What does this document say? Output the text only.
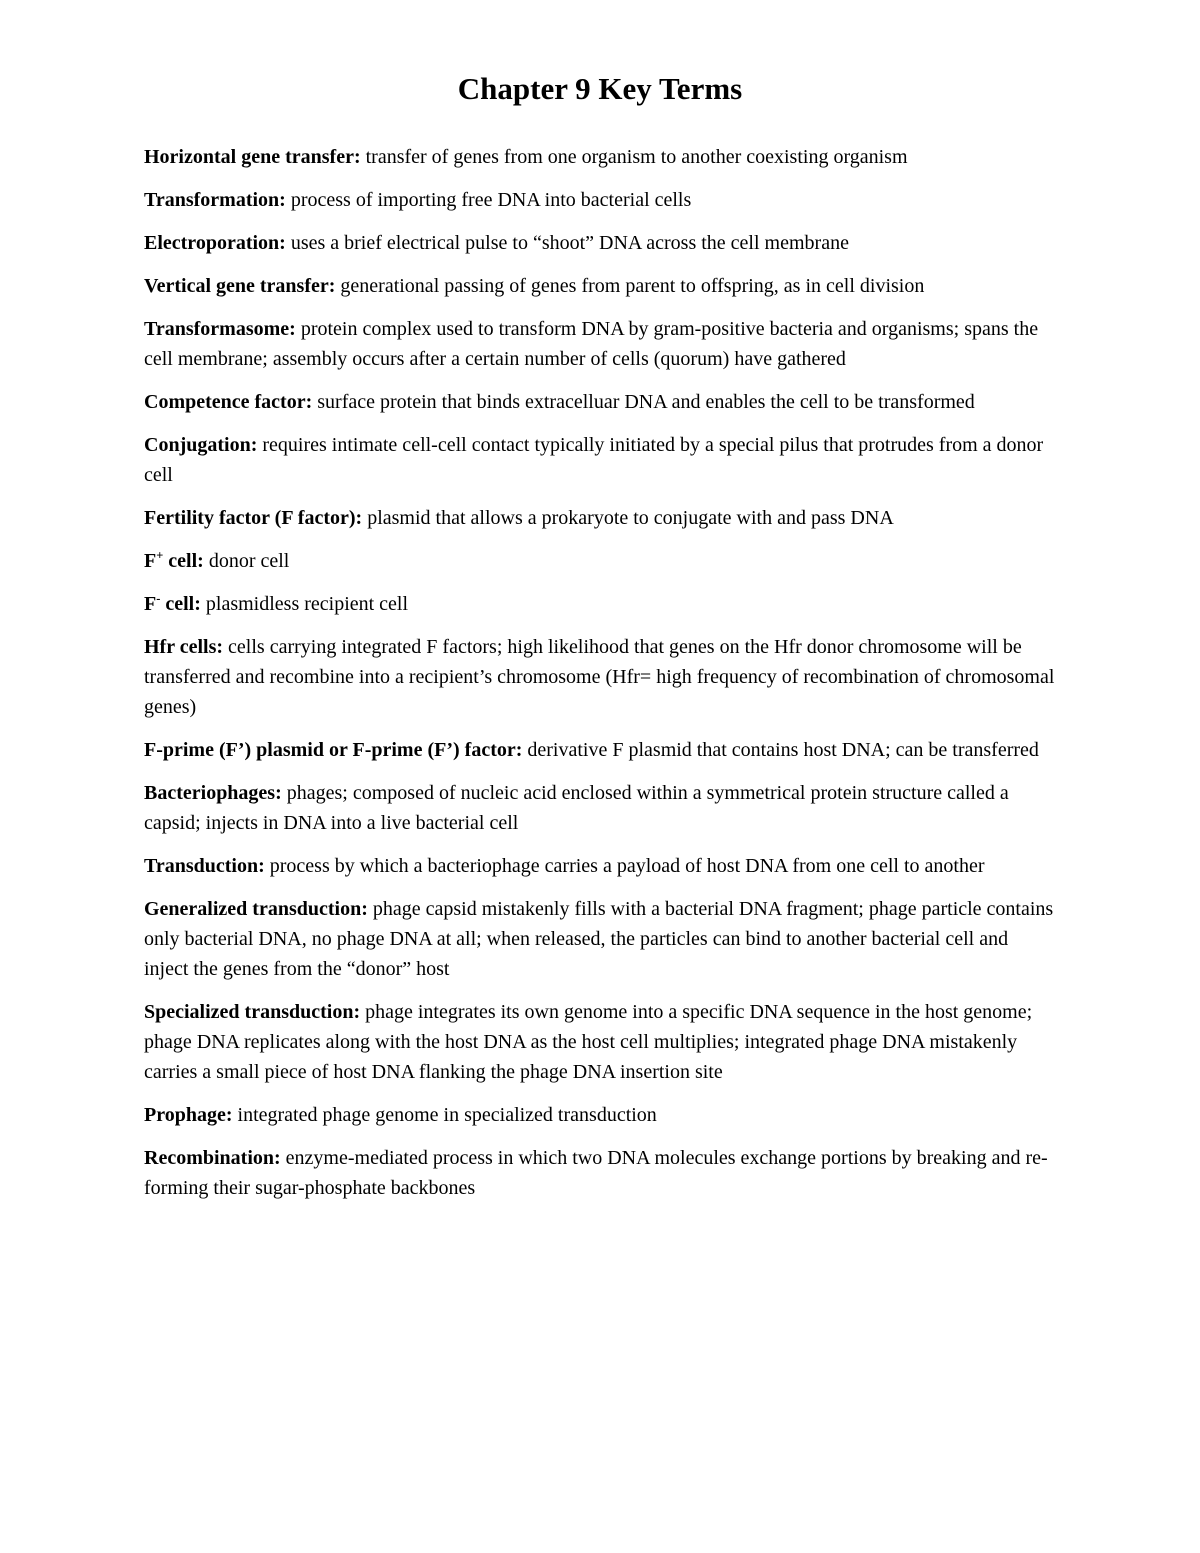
Chapter 9 Key Terms

Horizontal gene transfer: transfer of genes from one organism to another coexisting organism

Transformation: process of importing free DNA into bacterial cells

Electroporation: uses a brief electrical pulse to “shoot” DNA across the cell membrane

Vertical gene transfer: generational passing of genes from parent to offspring, as in cell division

Transformasome: protein complex used to transform DNA by gram-positive bacteria and organisms; spans the cell membrane; assembly occurs after a certain number of cells (quorum) have gathered

Competence factor: surface protein that binds extracelluar DNA and enables the cell to be transformed

Conjugation: requires intimate cell-cell contact typically initiated by a special pilus that protrudes from a donor cell

Fertility factor (F factor): plasmid that allows a prokaryote to conjugate with and pass DNA

F+ cell: donor cell

F- cell: plasmidless recipient cell

Hfr cells: cells carrying integrated F factors; high likelihood that genes on the Hfr donor chromosome will be transferred and recombine into a recipient’s chromosome (Hfr= high frequency of recombination of chromosomal genes)

F-prime (F’) plasmid or F-prime (F’) factor: derivative F plasmid that contains host DNA; can be transferred

Bacteriophages: phages; composed of nucleic acid enclosed within a symmetrical protein structure called a capsid; injects in DNA into a live bacterial cell

Transduction: process by which a bacteriophage carries a payload of host DNA from one cell to another

Generalized transduction: phage capsid mistakenly fills with a bacterial DNA fragment; phage particle contains only bacterial DNA, no phage DNA at all; when released, the particles can bind to another bacterial cell and inject the genes from the “donor” host

Specialized transduction: phage integrates its own genome into a specific DNA sequence in the host genome; phage DNA replicates along with the host DNA as the host cell multiplies; integrated phage DNA mistakenly carries a small piece of host DNA flanking the phage DNA insertion site

Prophage: integrated phage genome in specialized transduction

Recombination: enzyme-mediated process in which two DNA molecules exchange portions by breaking and re-forming their sugar-phosphate backbones
